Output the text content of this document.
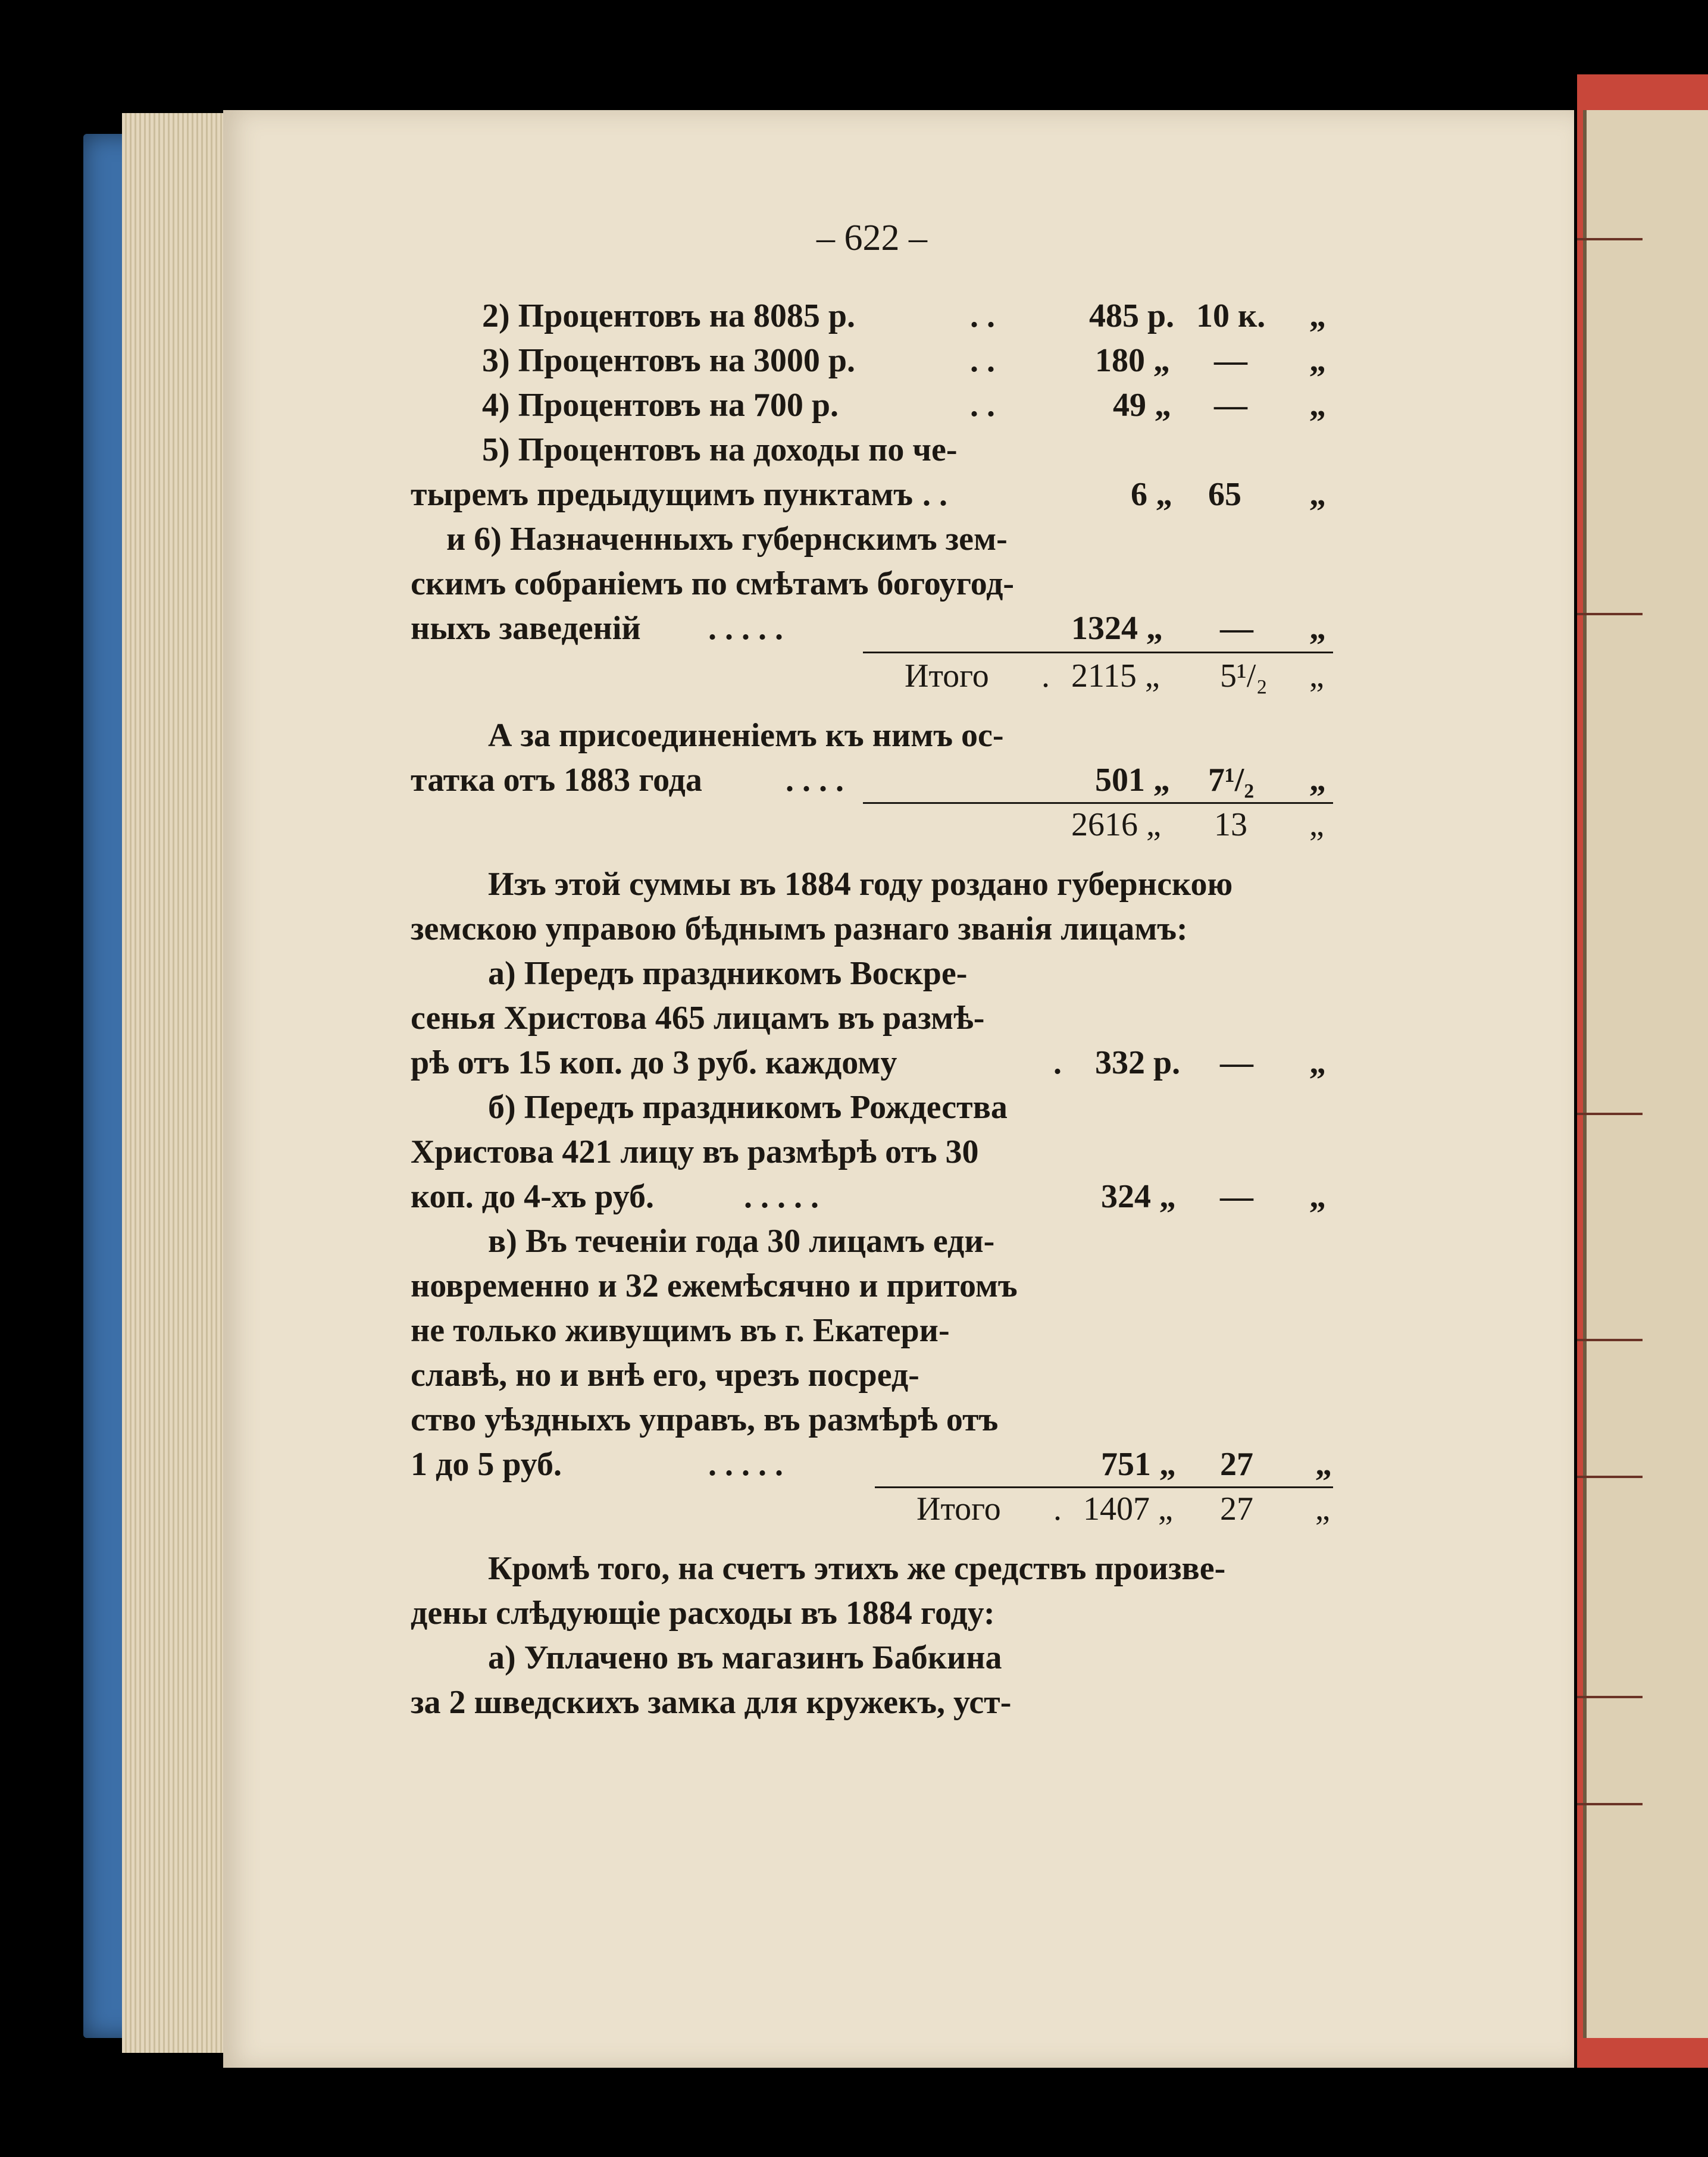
– 622 –
2) Процентовъ на 8085 р.	. .	485 р. 10 к. „
3) Процентовъ на 3000 р.	. .	180 „ — „
4) Процентовъ на 700 р.	. .	49 „ — „
5) Процентовъ на доходы по че-
тыремъ предыдущимъ пунктамъ . .	6 „ 65 „
и 6) Назначенныхъ губернскимъ зем-
скимъ собраніемъ по смѣтамъ богоугод-
ныхъ заведеній . . . . .	1324 „ — „
Итого . 2115 „ 5¹/₂ „
А за присоединеніемъ къ нимъ ос-
татка отъ 1883 года	. . . .	501 „ 7¹/₂ „
2616 „ 13 „
Изъ этой суммы въ 1884 году роздано губернскою
земскою управою бѣднымъ разнаго званія лицамъ:
а) Передъ праздникомъ Воскре-
сенья Христова 465 лицамъ въ размѣ-
рѣ отъ 15 коп. до 3 руб. каждому	. 332 р. — „
б) Передъ праздникомъ Рождества
Христова 421 лицу въ размѣрѣ отъ 30
коп. до 4-хъ руб.	. . . . .	324 „ — „
в) Въ теченіи года 30 лицамъ еди-
новременно и 32 ежемѣсячно и притомъ
не только живущимъ въ г. Екатери-
славѣ, но и внѣ его, чрезъ посред-
ство уѣздныхъ управъ, въ размѣрѣ отъ
1 до 5 руб.	. . . . .	751 „ 27 „
Итого . 1407 „ 27 „
Кромѣ того, на счетъ этихъ же средствъ произве-
дены слѣдующіе расходы въ 1884 году:
а) Уплачено въ магазинъ Бабкина
за 2 шведскихъ замка для кружекъ, уст-
